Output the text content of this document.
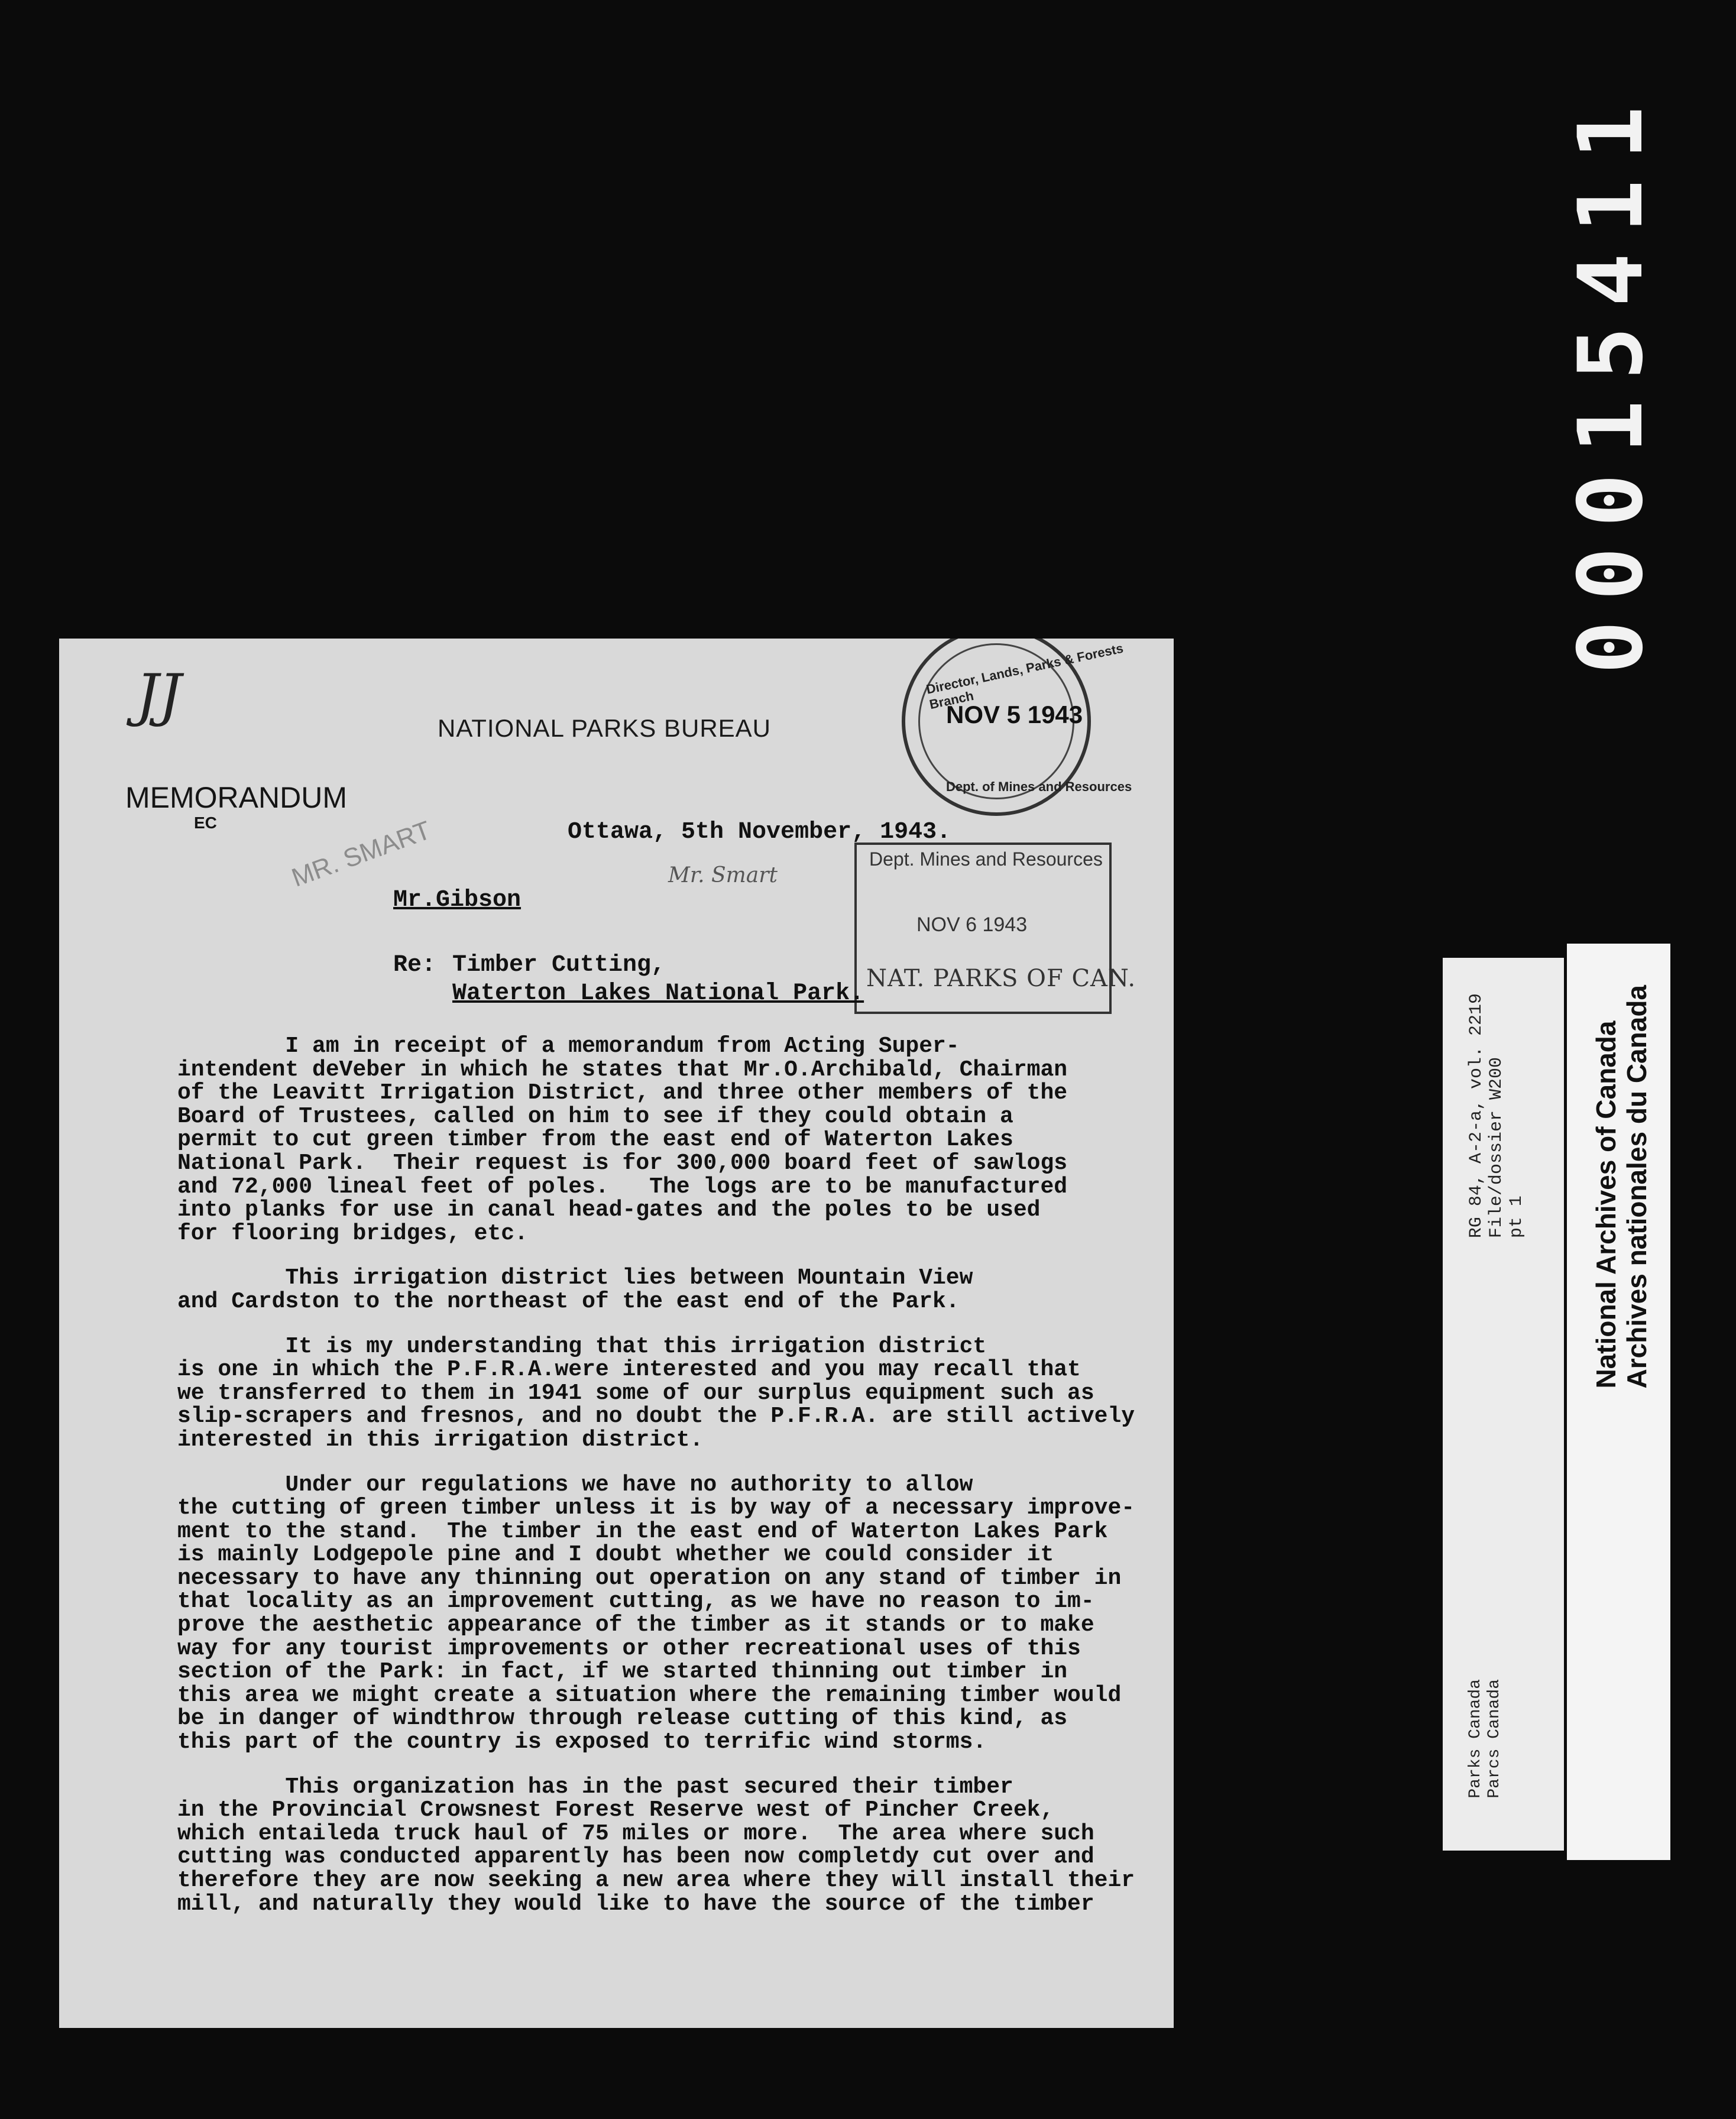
00015411
JJ	NATIONAL PARKS BUREAU
MEMORANDUM
EC	MR. SMART	Mr. Smart
Director, Lands, Parks & Forests Branch
NOV 5 1943
Dept. of Mines and Resources
Dept. Mines and Resources
NOV 6 1943
NAT. PARKS OF CAN.
Ottawa, 5th November, 1943.
Mr.Gibson
Re: Timber Cutting,
Waterton Lakes National Park.

I am in receipt of a memorandum from Acting Super-
intendent deVeber in which he states that Mr.O.Archibald, Chairman
of the Leavitt Irrigation District, and three other members of the
Board of Trustees, called on him to see if they could obtain a
permit to cut green timber from the east end of Waterton Lakes
National Park.  Their request is for 300,000 board feet of sawlogs
and 72,000 lineal feet of poles.   The logs are to be manufactured
into planks for use in canal head-gates and the poles to be used
for flooring bridges, etc.

This irrigation district lies between Mountain View
and Cardston to the northeast of the east end of the Park.

It is my understanding that this irrigation district
is one in which the P.F.R.A.were interested and you may recall that
we transferred to them in 1941 some of our surplus equipment such as
slip-scrapers and fresnos, and no doubt the P.F.R.A. are still actively
interested in this irrigation district.

Under our regulations we have no authority to allow
the cutting of green timber unless it is by way of a necessary improve-
ment to the stand.  The timber in the east end of Waterton Lakes Park
is mainly Lodgepole pine and I doubt whether we could consider it
necessary to have any thinning out operation on any stand of timber in
that locality as an improvement cutting, as we have no reason to im-
prove the aesthetic appearance of the timber as it stands or to make
way for any tourist improvements or other recreational uses of this
section of the Park: in fact, if we started thinning out timber in
this area we might create a situation where the remaining timber would
be in danger of windthrow through release cutting of this kind, as
this part of the country is exposed to terrific wind storms.

This organization has in the past secured their timber
in the Provincial Crowsnest Forest Reserve west of Pincher Creek,
which entaileda truck haul of 75 miles or more.  The area where such
cutting was conducted apparently has been now completdy cut over and
therefore they are now seeking a new area where they will install their
mill, and naturally they would like to have the source of the timber

RG 84, A-2-a, vol. 2219
File/dossier W200
pt 1
Parks Canada
Parcs Canada
National Archives of Canada
Archives nationales du Canada
